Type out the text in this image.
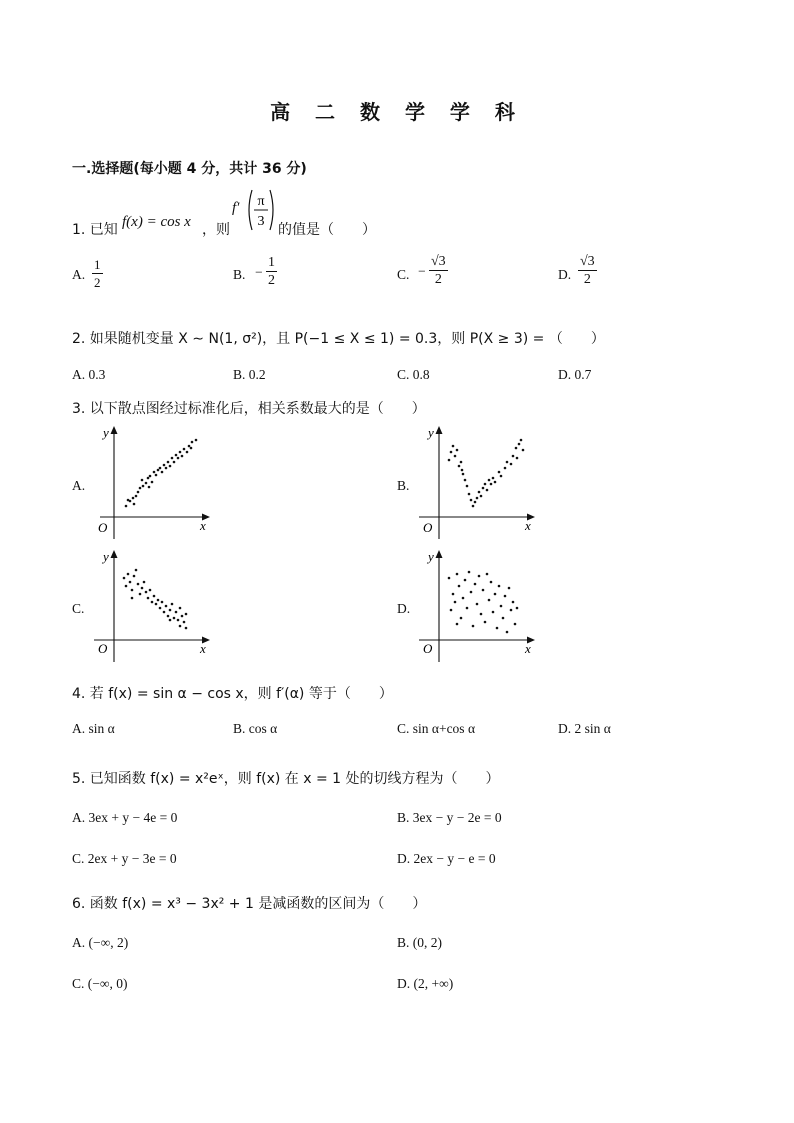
高 二 数 学 学 科
一.选择题(每小题 4 分，共计 36 分)
1. 已知 f(x) = cos x ，则
f′ π
3
的值是（　　）
A. $\frac{1}{2}$	B. − $\frac{1}{2}$	C. − $\frac{√3}{2}$	D. $\frac{√3}{2}$
2. 如果随机变量 X ∼ N(1, σ²)，且 P(−1 ≤ X ≤ 1) = 0.3，则 P(X ≥ 3) = （　　）
A. 0.3	B. 0.2	C. 0.8	D. 0.7
3. 以下散点图经过标准化后，相关系数最大的是（　　）
A.	B.
C.	D.
y
x
O
y
x
O
y
x
O
y
x
O
4. 若 f(x) = sin α − cos x，则 f′(α) 等于（　　）
A. sin α	B. cos α	C. sin α+cos α	D. 2 sin α
5. 已知函数 f(x) = x²eˣ，则 f(x) 在 x = 1 处的切线方程为（　　）
A. 3ex + y − 4e = 0	B. 3ex − y − 2e = 0
C. 2ex + y − 3e = 0	D. 2ex − y − e = 0
6. 函数 f(x) = x³ − 3x² + 1 是减函数的区间为（　　）
A. (−∞, 2)	B. (0, 2)
C. (−∞, 0)	D. (2, +∞)
